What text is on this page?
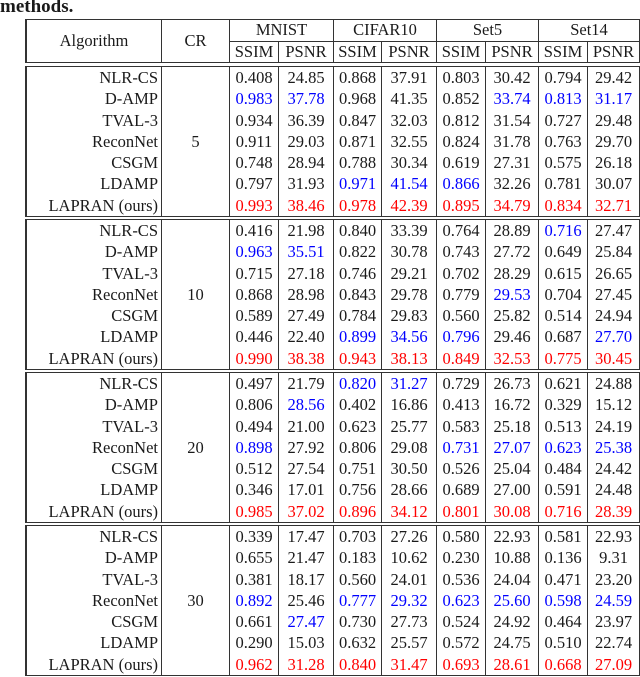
methods.
Algorithm	CR	MNIST		CIFAR10		Set5		Set14	
		SSIM	PSNR	SSIM	PSNR	SSIM	PSNR	SSIM	PSNR
NLR-CS	5	0.408	24.85	0.868	37.91	0.803	30.42	0.794	29.42
D-AMP		0.983	37.78	0.968	41.35	0.852	33.74	0.813	31.17
TVAL-3		0.934	36.39	0.847	32.03	0.812	31.54	0.727	29.48
ReconNet		0.911	29.03	0.871	32.55	0.824	31.78	0.763	29.70
CSGM		0.748	28.94	0.788	30.34	0.619	27.31	0.575	26.18
LDAMP		0.797	31.93	0.971	41.54	0.866	32.26	0.781	30.07
LAPRAN (ours)		0.993	38.46	0.978	42.39	0.895	34.79	0.834	32.71
NLR-CS	10	0.416	21.98	0.840	33.39	0.764	28.89	0.716	27.47
D-AMP		0.963	35.51	0.822	30.78	0.743	27.72	0.649	25.84
TVAL-3		0.715	27.18	0.746	29.21	0.702	28.29	0.615	26.65
ReconNet		0.868	28.98	0.843	29.78	0.779	29.53	0.704	27.45
CSGM		0.589	27.49	0.784	29.83	0.560	25.82	0.514	24.94
LDAMP		0.446	22.40	0.899	34.56	0.796	29.46	0.687	27.70
LAPRAN (ours)		0.990	38.38	0.943	38.13	0.849	32.53	0.775	30.45
NLR-CS	20	0.497	21.79	0.820	31.27	0.729	26.73	0.621	24.88
D-AMP		0.806	28.56	0.402	16.86	0.413	16.72	0.329	15.12
TVAL-3		0.494	21.00	0.623	25.77	0.583	25.18	0.513	24.19
ReconNet		0.898	27.92	0.806	29.08	0.731	27.07	0.623	25.38
CSGM		0.512	27.54	0.751	30.50	0.526	25.04	0.484	24.42
LDAMP		0.346	17.01	0.756	28.66	0.689	27.00	0.591	24.48
LAPRAN (ours)		0.985	37.02	0.896	34.12	0.801	30.08	0.716	28.39
NLR-CS	30	0.339	17.47	0.703	27.26	0.580	22.93	0.581	22.93
D-AMP		0.655	21.47	0.183	10.62	0.230	10.88	0.136	9.31
TVAL-3		0.381	18.17	0.560	24.01	0.536	24.04	0.471	23.20
ReconNet		0.892	25.46	0.777	29.32	0.623	25.60	0.598	24.59
CSGM		0.661	27.47	0.730	27.73	0.524	24.92	0.464	23.97
LDAMP		0.290	15.03	0.632	25.57	0.572	24.75	0.510	22.74
LAPRAN (ours)		0.962	31.28	0.840	31.47	0.693	28.61	0.668	27.09
